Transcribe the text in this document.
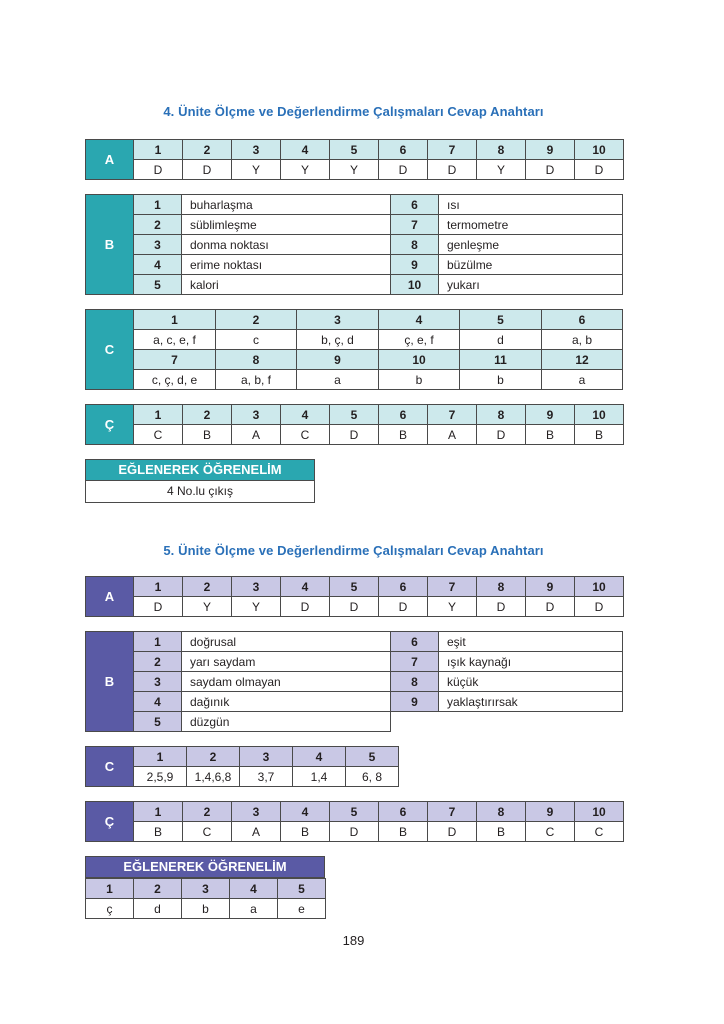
4. Ünite Ölçme ve Değerlendirme Çalışmaları Cevap Anahtarı
A	1	2	3	4	5	6	7	8	9	10
	D	D	Y	Y	Y	D	D	Y	D	D
B	1	buharlaşma	6	ısı
	2	süblimleşme	7	termometre
	3	donma noktası	8	genleşme
	4	erime noktası	9	büzülme
	5	kalori	10	yukarı
C	1	2	3	4	5	6
	a, c, e, f	c	b, ç, d	ç, e, f	d	a, b
	7	8	9	10	11	12
	c, ç, d, e	a, b, f	a	b	b	a
Ç	1	2	3	4	5	6	7	8	9	10
	C	B	A	C	D	B	A	D	B	B
EĞLENEREK ÖĞRENELİM
4 No.lu çıkış
5. Ünite Ölçme ve Değerlendirme Çalışmaları Cevap Anahtarı
A	1	2	3	4	5	6	7	8	9	10
	D	Y	Y	D	D	D	Y	D	D	D
B	1	doğrusal	6	eşit
	2	yarı saydam	7	ışık kaynağı
	3	saydam olmayan	8	küçük
	4	dağınık	9	yaklaştırırsak
	5	düzgün		
C	1	2	3	4	5
	2,5,9	1,4,6,8	3,7	1,4	6, 8
Ç	1	2	3	4	5	6	7	8	9	10
	B	C	A	B	D	B	D	B	C	C
EĞLENEREK ÖĞRENELİM
1	2	3	4	5
ç	d	b	a	e
189
